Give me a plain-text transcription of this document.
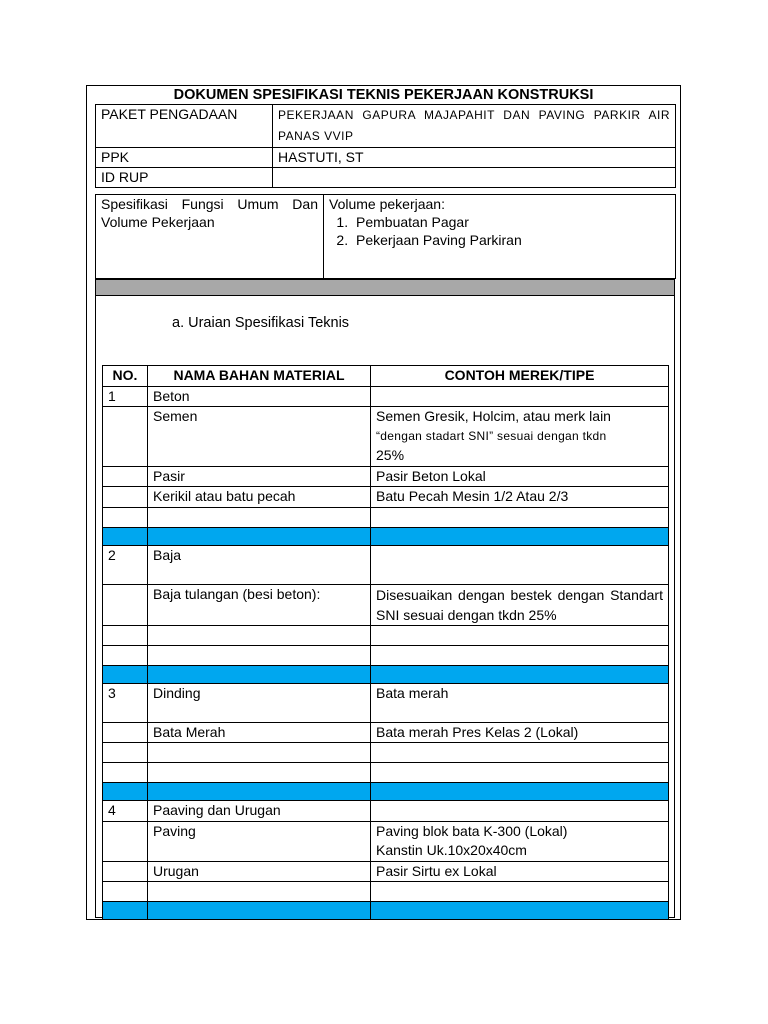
DOKUMEN SPESIFIKASI TEKNIS PEKERJAAN KONSTRUKSI
PAKET PENGADAAN	PEKERJAAN GAPURA MAJAPAHIT DAN PAVING PARKIR AIR PANAS VVIP
PPK	HASTUTI, ST
ID RUP	
Spesifikasi Fungsi Umum Dan Volume Pekerjaan	
Volume pekerjaan:
1. Pembuatan Pagar
2. Pekerjaan Paving Parkiran
a. Uraian Spesifikasi Teknis
NO.	NAMA BAHAN MATERIAL	CONTOH MEREK/TIPE
1	Beton	
	Semen	Semen Gresik, Holcim, atau merk lain
“dengan stadart SNI” sesuai dengan tkdn
25%

	Pasir	Pasir Beton Lokal
	Kerikil atau batu pecah	Batu Pecah Mesin 1/2 Atau 2/3

2	Baja	
	Baja tulangan (besi beton):	Disesuaikan dengan bestek dengan Standart SNI sesuai dengan tkdn 25%

3	Dinding	Bata merah
	Bata Merah	Bata merah Pres Kelas 2 (Lokal)

4	Paaving dan Urugan	
	Paving	Paving blok bata K-300 (Lokal)
Kanstin Uk.10x20x40cm

	Urugan	Pasir Sirtu ex Lokal
